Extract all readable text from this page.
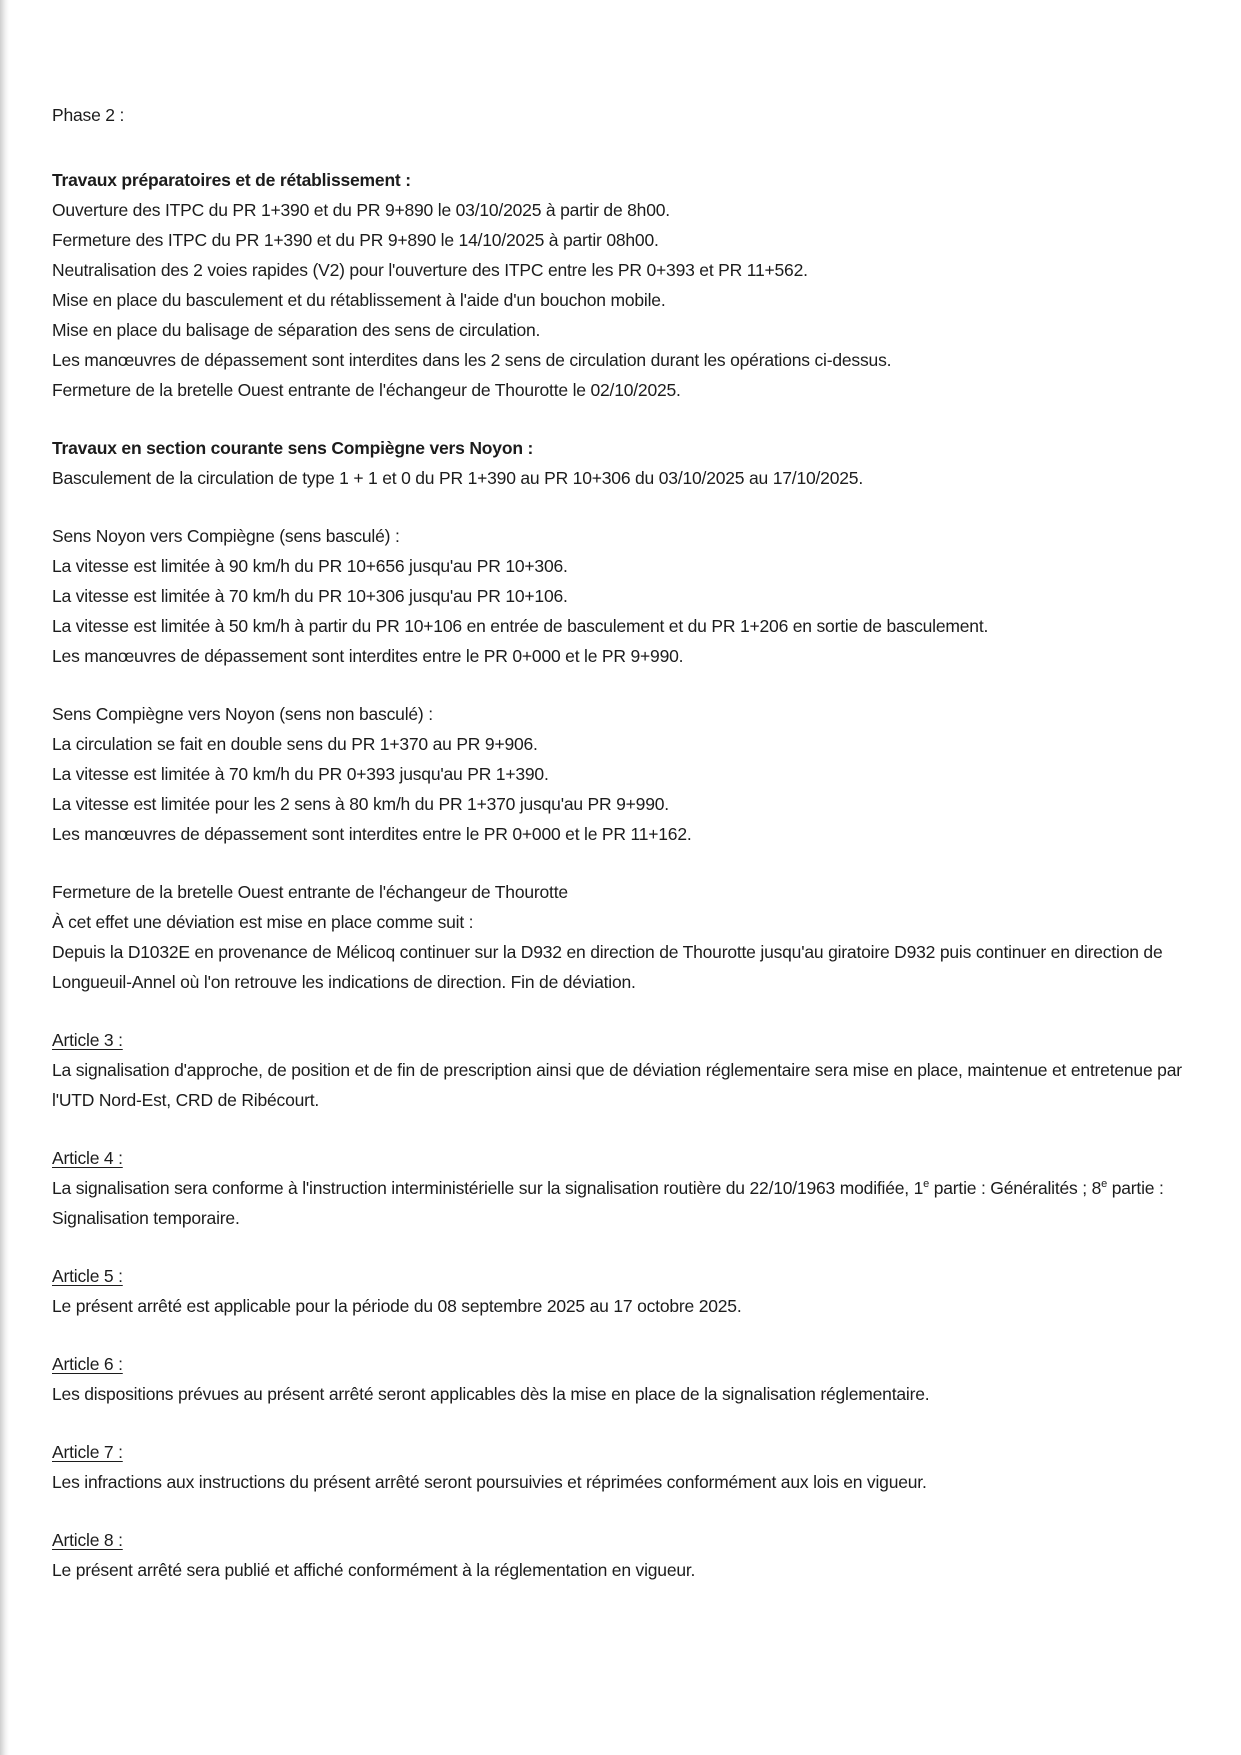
Phase 2 :
Travaux préparatoires et de rétablissement :
Ouverture des ITPC du PR 1+390 et du PR 9+890 le 03/10/2025 à partir de 8h00.
Fermeture des ITPC du PR 1+390 et du PR 9+890 le 14/10/2025 à partir 08h00.
Neutralisation des 2 voies rapides (V2) pour l'ouverture des ITPC entre les PR 0+393 et PR 11+562.
Mise en place du basculement et du rétablissement à l'aide d'un bouchon mobile.
Mise en place du balisage de séparation des sens de circulation.
Les manœuvres de dépassement sont interdites dans les 2 sens de circulation durant les opérations ci-dessus.
Fermeture de la bretelle Ouest entrante de l'échangeur de Thourotte le 02/10/2025.
Travaux en section courante sens Compiègne vers Noyon :
Basculement de la circulation de type 1 + 1 et 0 du PR 1+390 au PR 10+306 du 03/10/2025 au 17/10/2025.
Sens Noyon vers Compiègne (sens basculé) :
La vitesse est limitée à 90 km/h du PR 10+656 jusqu'au PR 10+306.
La vitesse est limitée à 70 km/h du PR 10+306 jusqu'au PR 10+106.
La vitesse est limitée à 50 km/h à partir du PR 10+106 en entrée de basculement et du PR 1+206 en sortie de basculement.
Les manœuvres de dépassement sont interdites entre le PR 0+000 et le PR 9+990.
Sens Compiègne vers Noyon (sens non basculé) :
La circulation se fait en double sens du PR 1+370 au PR 9+906.
La vitesse est limitée à 70 km/h du PR 0+393 jusqu'au PR 1+390.
La vitesse est limitée pour les 2 sens à 80 km/h du PR 1+370 jusqu'au PR 9+990.
Les manœuvres de dépassement sont interdites entre le PR 0+000 et le PR 11+162.
Fermeture de la bretelle Ouest entrante de l'échangeur de Thourotte
À cet effet une déviation est mise en place comme suit :
Depuis la D1032E en provenance de Mélicoq continuer sur la D932 en direction de Thourotte jusqu'au giratoire D932 puis continuer en direction de Longueuil-Annel où l'on retrouve les indications de direction. Fin de déviation.
Article 3 :
La signalisation d'approche, de position et de fin de prescription ainsi que de déviation réglementaire sera mise en place, maintenue et entretenue par l'UTD Nord-Est, CRD de Ribécourt.
Article 4 :
La signalisation sera conforme à l'instruction interministérielle sur la signalisation routière du 22/10/1963 modifiée, 1e partie : Généralités ; 8e partie : Signalisation temporaire.
Article 5 :
Le présent arrêté est applicable pour la période du 08 septembre 2025 au 17 octobre 2025.
Article 6 :
Les dispositions prévues au présent arrêté seront applicables dès la mise en place de la signalisation réglementaire.
Article 7 :
Les infractions aux instructions du présent arrêté seront poursuivies et réprimées conformément aux lois en vigueur.
Article 8 :
Le présent arrêté sera publié et affiché conformément à la réglementation en vigueur.
